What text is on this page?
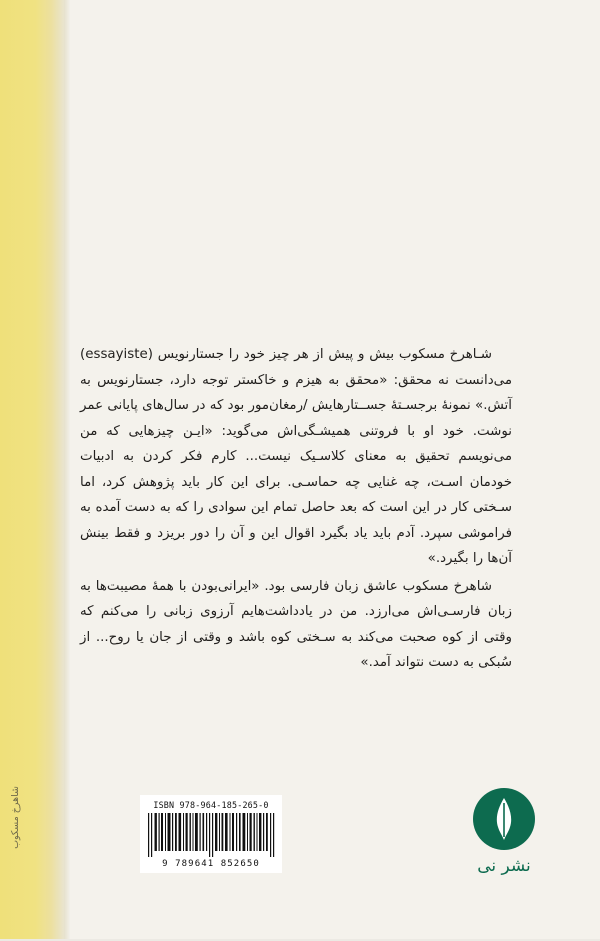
شاهرخ مسکوب

شـاهرخ مسکوب بیش و پیش از هر چیز خود را جستارنویس (essayiste) می‌دانست نه محقق: «محقق به هیزم و خاکستر توجه دارد، جستارنویس به آتش.» نمونهٔ برجسـتهٔ جســتارهایش /رمغان‌مور بود که در سال‌های پایانی عمر نوشت. خود او با فروتنی همیشـگی‌اش می‌گوید: «ایـن چیزهایی که من می‌نویسم تحقیق به معنای کلاسـیک نیست... کارم فکر کردن به ادبیات خودمان اسـت، چه غنایی چه حماسـی. برای این کار باید پژوهش کرد، اما سـختی کار در این است که بعد حاصل تمام این سوادی را که به دست آمده به فراموشی سپرد. آدم باید یاد بگیرد اقوال این و آن را دور بریزد و فقط بینش آن‌ها را بگیرد.»

شاهرخ مسکوب عاشق زبان فارسی بود. «ایرانی‌بودن با همهٔ مصیبت‌ها به زبان فارسـی‌اش می‌ارزد. من در یادداشت‌هایم آرزوی زبانی را می‌کنم که وقتی از کوه صحبت می‌کند به سـختی کوه باشد و وقتی از جان یا روح... از سُبکی به دست نتواند آمد.»

ISBN 978-964-185-265-0
9 789641 852650	نشر نی
